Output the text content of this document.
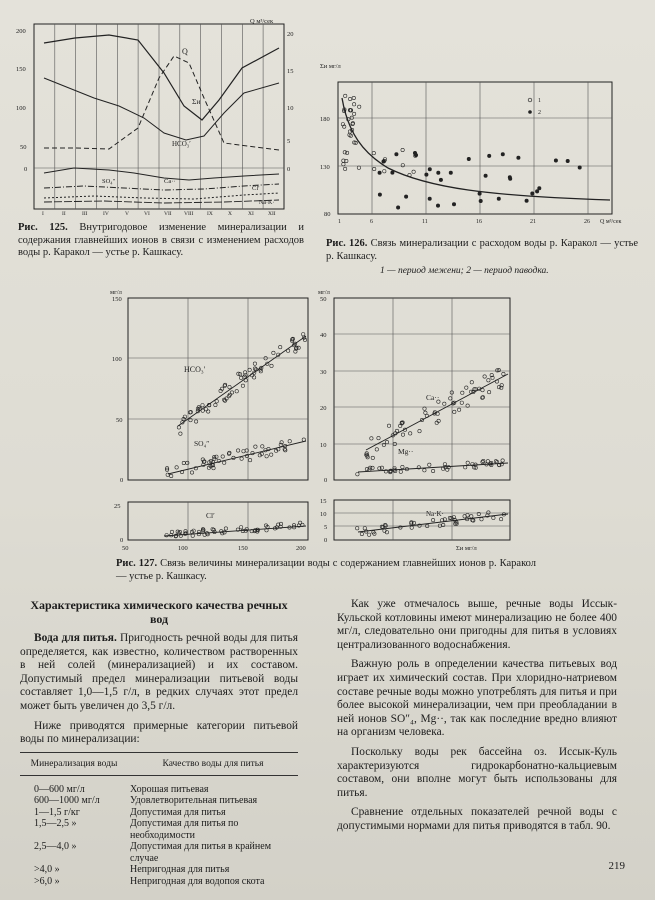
200
150
100
50
0
Q м³/сек
20
15
10
5
0
I	II	III	IV	V	VI	VII VIII IX	X	XI	XII
Q
Σи
HCO₃′
Ca··
SO₄″
Cl′
Na·K·
Рис. 125. Внутригодовое изменение минерализации и содержания главнейших ионов в связи с изменением расходов воды р. Каракол — устье р. Кашкасу.
Σи мг/л
180
130
80
1	6	11	16	21	26 Q м³/сек
1
2
Рис. 126. Связь минерализации с расходом воды р. Каракол — устье р. Кашкасу.
1 — период межени; 2 — период паводка.
мг/л
150
100
50
0
HCO₃′
SO₄″
25
0
Cl′
50	100	150	200
мг/л
50
40
30
20
10
0
Ca··
Mg··
15
10
5
0
Na·K·
Σи мг/л
Рис. 127. Связь величины минерализации воды с содержанием главнейших ионов р. Каракол — устье р. Кашкасу.
Характеристика химического качества речных вод

Вода для питья. Пригодность речной воды для питья определяется, как известно, количеством растворенных в ней солей (минерализацией) и их составом. Допустимый предел минерализации питьевой воды составляет 1,0—1,5 г/л, в редких случаях этот предел может быть увеличен до 3,5 г/л.

Ниже приводятся примерные категории питьевой воды по минерализации:

Минерализация воды	Качество воды для питья

0—600 мг/л	Хорошая питьевая
600—1000 мг/л	Удовлетворительная питьевая
1—1,5 г/кг	Допустимая для питья
1,5—2,5 »	Допустимая для питья по необходимости
2,5—4,0 »	Допустимая для питья в крайнем случае
>4,0 »	Непригодная для питья
>6,0 »	Непригодная для водопоя скота

Как уже отмечалось выше, речные воды Иссык-Кульской котловины имеют минерализацию не более 400 мг/л, следовательно они пригодны для питья в условиях централизованного водоснабжения.

Важную роль в определении качества питьевых вод играет их химический состав. При хлоридно-натриевом составе речные воды можно употреблять для питья и при более высокой минерализации, чем при преобладании в ней ионов SO″₄, Mg··, так как последние вредно влияют на организм человека.

Поскольку воды рек бассейна оз. Иссык-Куль характеризуются гидрокарбонатно-кальциевым составом, они вполне могут быть использованы для питья.

Сравнение отдельных показателей речной воды с допустимыми нормами для питья приводятся в табл. 90.

219
